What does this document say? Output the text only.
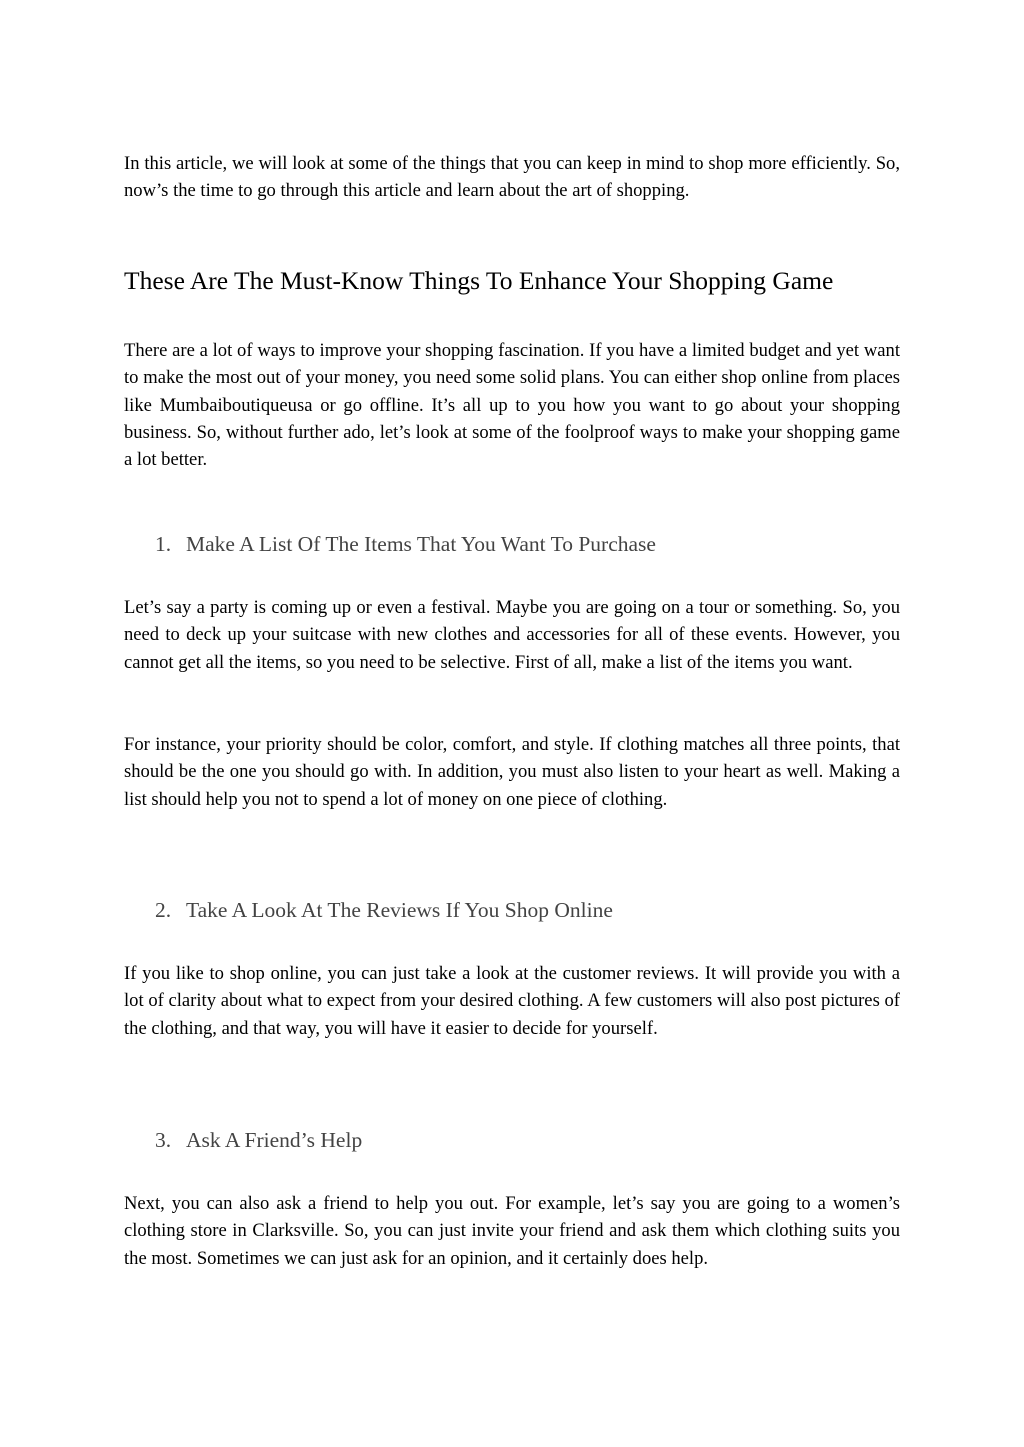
In this article, we will look at some of the things that you can keep in mind to shop more efficiently. So, now’s the time to go through this article and learn about the art of shopping.

These Are The Must-Know Things To Enhance Your Shopping Game

There are a lot of ways to improve your shopping fascination. If you have a limited budget and yet want to make the most out of your money, you need some solid plans. You can either shop online from places like Mumbaiboutiqueusa or go offline. It’s all up to you how you want to go about your shopping business. So, without further ado, let’s look at some of the foolproof ways to make your shopping game a lot better.

1. Make A List Of The Items That You Want To Purchase

Let’s say a party is coming up or even a festival. Maybe you are going on a tour or something. So, you need to deck up your suitcase with new clothes and accessories for all of these events. However, you cannot get all the items, so you need to be selective. First of all, make a list of the items you want.

For instance, your priority should be color, comfort, and style. If clothing matches all three points, that should be the one you should go with. In addition, you must also listen to your heart as well. Making a list should help you not to spend a lot of money on one piece of clothing.

2. Take A Look At The Reviews If You Shop Online

If you like to shop online, you can just take a look at the customer reviews. It will provide you with a lot of clarity about what to expect from your desired clothing. A few customers will also post pictures of the clothing, and that way, you will have it easier to decide for yourself.

3. Ask A Friend’s Help

Next, you can also ask a friend to help you out. For example, let’s say you are going to a women’s clothing store in Clarksville. So, you can just invite your friend and ask them which clothing suits you the most. Sometimes we can just ask for an opinion, and it certainly does help.
